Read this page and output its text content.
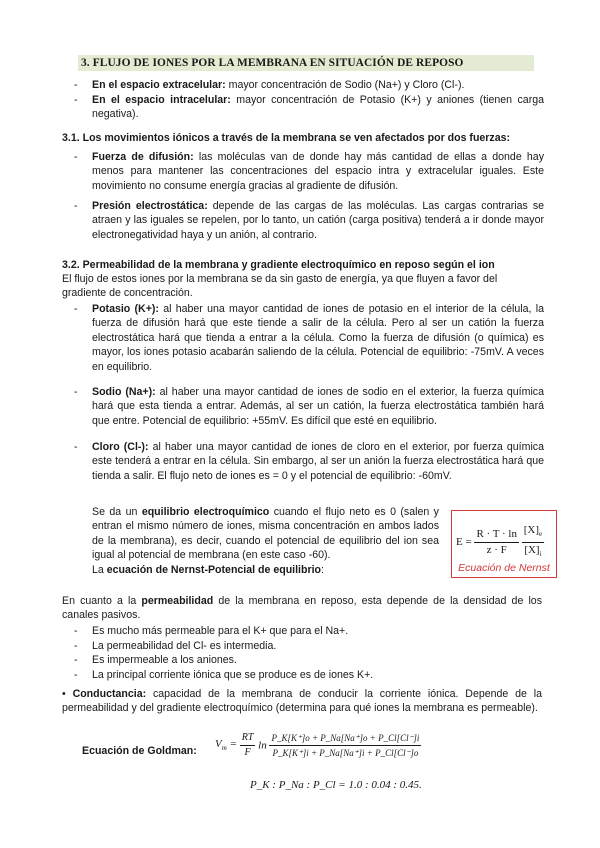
3. FLUJO DE IONES POR LA MEMBRANA EN SITUACIÓN DE REPOSO
- En el espacio extracelular: mayor concentración de Sodio (Na+) y Cloro (Cl-).
- En el espacio intracelular: mayor concentración de Potasio (K+) y aniones (tienen carga negativa).
3.1. Los movimientos iónicos a través de la membrana se ven afectados por dos fuerzas:
- Fuerza de difusión: las moléculas van de donde hay más cantidad de ellas a donde hay menos para mantener las concentraciones del espacio intra y extracelular iguales. Este movimiento no consume energía gracias al gradiente de difusión.
- Presión electrostática: depende de las cargas de las moléculas. Las cargas contrarias se atraen y las iguales se repelen, por lo tanto, un catión (carga positiva) tenderá a ir donde mayor electronegatividad haya y un anión, al contrario.
3.2. Permeabilidad de la membrana y gradiente electroquímico en reposo según el ion
El flujo de estos iones por la membrana se da sin gasto de energía, ya que fluyen a favor del gradiente de concentración.
- Potasio (K+): al haber una mayor cantidad de iones de potasio en el interior de la célula, la fuerza de difusión hará que este tiende a salir de la célula. Pero al ser un catión la fuerza electrostática hará que tienda a entrar a la célula. Como la fuerza de difusión (o química) es mayor, los iones potasio acabarán saliendo de la célula. Potencial de equilibrio: -75mV. A veces en equilibrio.
- Sodio (Na+): al haber una mayor cantidad de iones de sodio en el exterior, la fuerza química hará que esta tienda a entrar. Además, al ser un catión, la fuerza electrostática también hará que entre. Potencial de equilibrio: +55mV. Es difícil que esté en equilibrio.
- Cloro (Cl-): al haber una mayor cantidad de iones de cloro en el exterior, por fuerza química este tenderá a entrar en la célula. Sin embargo, al ser un anión la fuerza electrostática hará que tienda a salir. El flujo neto de iones es = 0 y el potencial de equilibrio: -60mV.
Se da un equilibrio electroquímico cuando el flujo neto es 0 (salen y entran el mismo número de iones, misma concentración en ambos lados de la membrana), es decir, cuando el potencial de equilibrio del ion sea igual al potencial de membrana (en este caso -60).
La ecuación de Nernst-Potencial de equilibrio:
$E = \frac{R \cdot T \cdot \ln}{z \cdot F}$
$\frac{[X]_e}{[X]_i}$
Ecuación de Nernst
En cuanto a la permeabilidad de la membrana en reposo, esta depende de la densidad de los canales pasivos.
- Es mucho más permeable para el K+ que para el Na+.
- La permeabilidad del Cl- es intermedia.
- Es impermeable a los aniones.
- La principal corriente iónica que se produce es de iones K+.
• Conductancia: capacidad de la membrana de conducir la corriente iónica. Depende de la permeabilidad y del gradiente electroquímico (determina para qué iones la membrana es permeable).
Ecuación de Goldman:
$V_m = \frac{RT}{F}$ $\ln \frac{P\_K[K^+]o + P\_Na[Na^+]o + P\_Cl[Cl^-]i}{P\_K[K^+]i + P\_Na[Na^+]i + P\_Cl[Cl^-]o}$
P_K : P_Na : P_Cl = 1.0 : 0.04 : 0.45.
